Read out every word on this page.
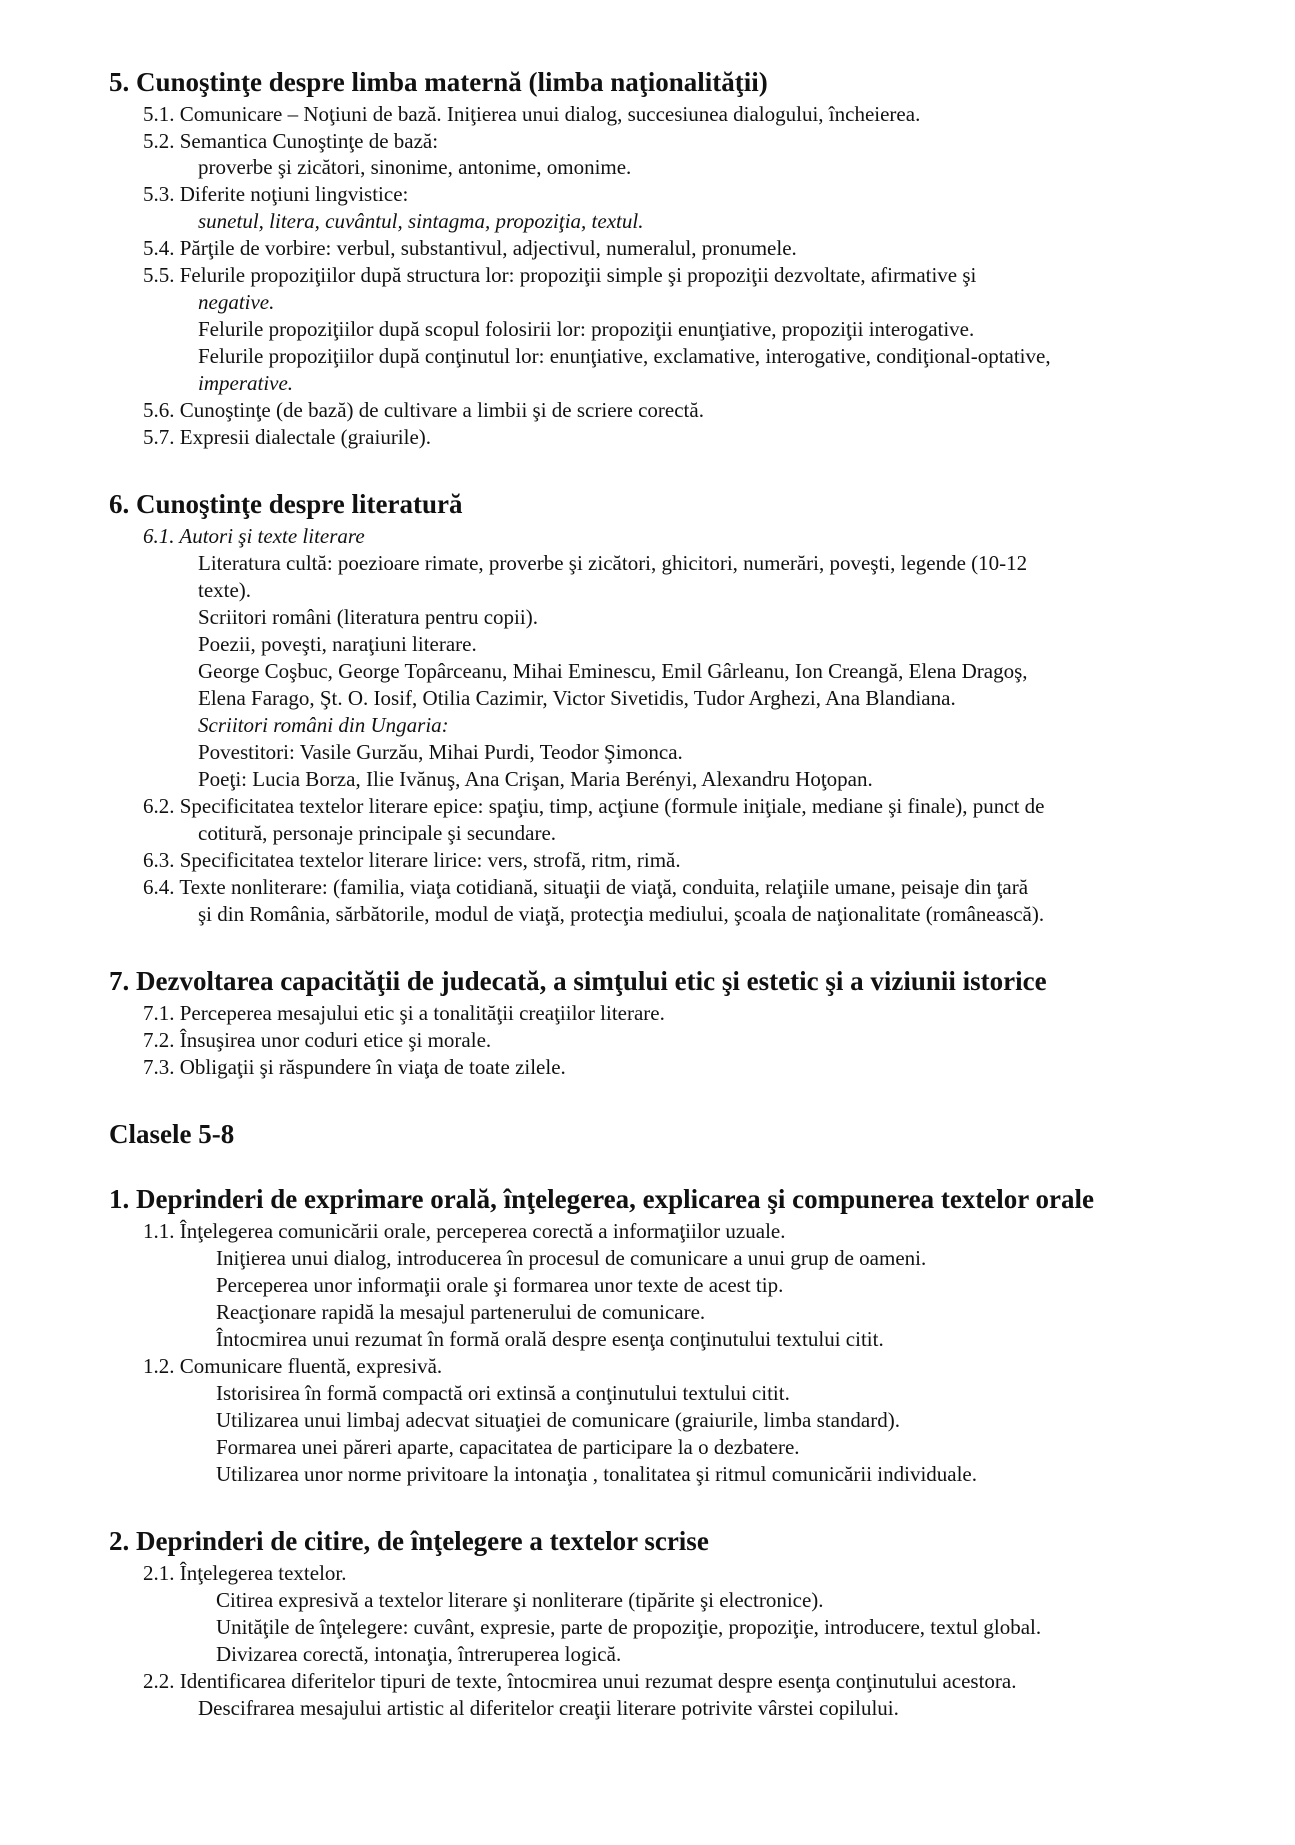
5. Cunoştinţe despre limba maternă (limba naţionalităţii)
5.1. Comunicare – Noţiuni de bază. Iniţierea unui dialog, succesiunea dialogului, încheierea.
5.2. Semantica Cunoştinţe de bază:
proverbe şi zicători, sinonime, antonime, omonime.
5.3. Diferite noţiuni lingvistice:
sunetul, litera, cuvântul, sintagma, propoziţia, textul.
5.4. Părţile de vorbire: verbul, substantivul, adjectivul, numeralul, pronumele.
5.5. Felurile propoziţiilor după structura lor: propoziţii simple şi propoziţii dezvoltate, afirmative şi
negative.
Felurile propoziţiilor după scopul folosirii lor: propoziţii enunţiative, propoziţii interogative.
Felurile propoziţiilor după conţinutul lor: enunţiative, exclamative, interogative, condiţional-optative,
imperative.
5.6. Cunoştinţe (de bază) de cultivare a limbii şi de scriere corectă.
5.7. Expresii dialectale (graiurile).
6. Cunoştinţe despre literatură
6.1. Autori şi texte literare
Literatura cultă: poezioare rimate, proverbe şi zicători, ghicitori, numerări, poveşti, legende (10-12
texte).
Scriitori români (literatura pentru copii).
Poezii, poveşti, naraţiuni literare.
George Coşbuc, George Topârceanu, Mihai Eminescu, Emil Gârleanu, Ion Creangă, Elena Dragoş,
Elena Farago, Şt. O. Iosif, Otilia Cazimir, Victor Sivetidis, Tudor Arghezi, Ana Blandiana.
Scriitori români din Ungaria:
Povestitori: Vasile Gurzău, Mihai Purdi, Teodor Şimonca.
Poeţi: Lucia Borza, Ilie Ivănuş, Ana Crişan, Maria Berényi, Alexandru Hoţopan.
6.2. Specificitatea textelor literare epice: spaţiu, timp, acţiune (formule iniţiale, mediane şi finale), punct de
cotitură, personaje principale şi secundare.
6.3. Specificitatea textelor literare lirice: vers, strofă, ritm, rimă.
6.4. Texte nonliterare: (familia, viaţa cotidiană, situaţii de viaţă, conduita, relaţiile umane, peisaje din ţară
şi din România, sărbătorile, modul de viaţă, protecţia mediului, şcoala de naţionalitate (românească).
7. Dezvoltarea capacităţii de judecată, a simţului etic şi estetic şi a viziunii istorice
7.1. Perceperea mesajului etic şi a tonalităţii creaţiilor literare.
7.2. Însuşirea unor coduri etice şi morale.
7.3. Obligaţii şi răspundere în viaţa de toate zilele.
Clasele 5-8
1. Deprinderi de exprimare orală, înţelegerea, explicarea şi compunerea textelor orale
1.1. Înţelegerea comunicării orale, perceperea corectă a informaţiilor uzuale.
Iniţierea unui dialog, introducerea în procesul de comunicare a unui grup de oameni.
Perceperea unor informaţii orale şi formarea unor texte de acest tip.
Reacţionare rapidă la mesajul partenerului de comunicare.
Întocmirea unui rezumat în formă orală despre esenţa conţinutului textului citit.
1.2. Comunicare fluentă, expresivă.
Istorisirea în formă compactă ori extinsă a conţinutului textului citit.
Utilizarea unui limbaj adecvat situaţiei de comunicare (graiurile, limba standard).
Formarea unei păreri aparte, capacitatea de participare la o dezbatere.
Utilizarea unor norme privitoare la intonaţia , tonalitatea şi ritmul comunicării individuale.
2. Deprinderi de citire, de înţelegere a textelor scrise
2.1. Înţelegerea textelor.
Citirea expresivă a textelor literare şi nonliterare (tipărite şi electronice).
Unităţile de înţelegere: cuvânt, expresie, parte de propoziţie, propoziţie, introducere, textul global.
Divizarea corectă, intonaţia, întreruperea logică.
2.2. Identificarea diferitelor tipuri de texte, întocmirea unui rezumat despre esenţa conţinutului acestora.
Descifrarea mesajului artistic al diferitelor creaţii literare potrivite vârstei copilului.
